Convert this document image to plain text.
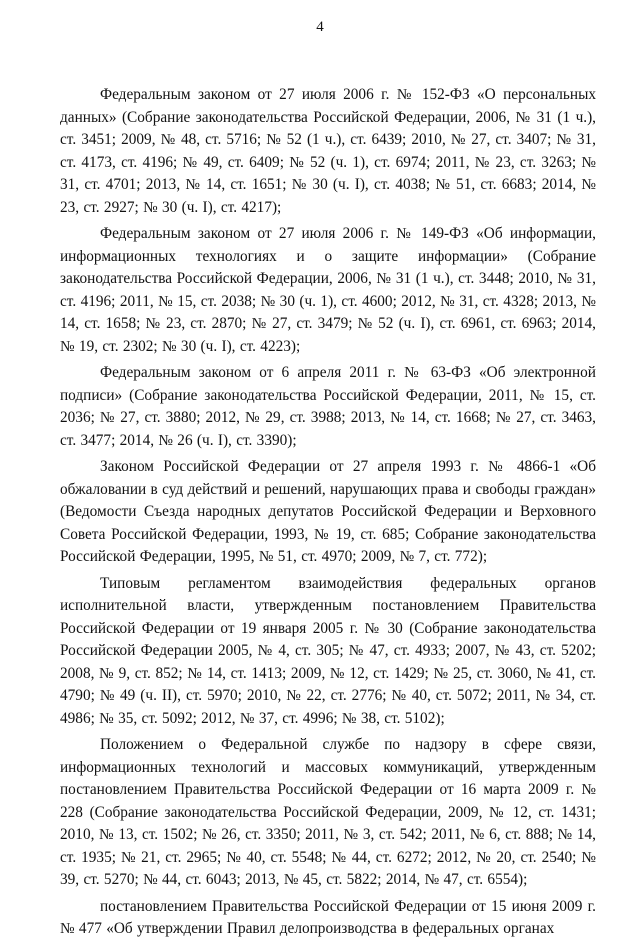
4

Федеральным законом от 27 июля 2006 г. № 152-ФЗ «О персональных данных» (Собрание законодательства Российской Федерации, 2006, № 31 (1 ч.), ст. 3451; 2009, № 48, ст. 5716; № 52 (1 ч.), ст. 6439; 2010, № 27, ст. 3407; № 31, ст. 4173, ст. 4196; № 49, ст. 6409; № 52 (ч. 1), ст. 6974; 2011, № 23, ст. 3263; № 31, ст. 4701; 2013, № 14, ст. 1651; № 30 (ч. I), ст. 4038; № 51, ст. 6683; 2014, № 23, ст. 2927; № 30 (ч. I), ст. 4217);

Федеральным законом от 27 июля 2006 г. № 149-ФЗ «Об информации, информационных технологиях и о защите информации» (Собрание законодательства Российской Федерации, 2006, № 31 (1 ч.), ст. 3448; 2010, № 31, ст. 4196; 2011, № 15, ст. 2038; № 30 (ч. 1), ст. 4600; 2012, № 31, ст. 4328; 2013, № 14, ст. 1658; № 23, ст. 2870; № 27, ст. 3479; № 52 (ч. I), ст. 6961, ст. 6963; 2014, № 19, ст. 2302; № 30 (ч. I), ст. 4223);

Федеральным законом от 6 апреля 2011 г. № 63-ФЗ «Об электронной подписи» (Собрание законодательства Российской Федерации, 2011, № 15, ст. 2036; № 27, ст. 3880; 2012, № 29, ст. 3988; 2013, № 14, ст. 1668; № 27, ст. 3463, ст. 3477; 2014, № 26 (ч. I), ст. 3390);

Законом Российской Федерации от 27 апреля 1993 г. № 4866-1 «Об обжаловании в суд действий и решений, нарушающих права и свободы граждан» (Ведомости Съезда народных депутатов Российской Федерации и Верховного Совета Российской Федерации, 1993, № 19, ст. 685; Собрание законодательства Российской Федерации, 1995, № 51, ст. 4970; 2009, № 7, ст. 772);

Типовым регламентом взаимодействия федеральных органов исполнительной власти, утвержденным постановлением Правительства Российской Федерации от 19 января 2005 г. № 30 (Собрание законодательства Российской Федерации 2005, № 4, ст. 305; № 47, ст. 4933; 2007, № 43, ст. 5202; 2008, № 9, ст. 852; № 14, ст. 1413; 2009, № 12, ст. 1429; № 25, ст. 3060, № 41, ст. 4790; № 49 (ч. II), ст. 5970; 2010, № 22, ст. 2776; № 40, ст. 5072; 2011, № 34, ст. 4986; № 35, ст. 5092; 2012, № 37, ст. 4996; № 38, ст. 5102);

Положением о Федеральной службе по надзору в сфере связи, информационных технологий и массовых коммуникаций, утвержденным постановлением Правительства Российской Федерации от 16 марта 2009 г. № 228 (Собрание законодательства Российской Федерации, 2009, № 12, ст. 1431; 2010, № 13, ст. 1502; № 26, ст. 3350; 2011, № 3, ст. 542; 2011, № 6, ст. 888; № 14, ст. 1935; № 21, ст. 2965; № 40, ст. 5548; № 44, ст. 6272; 2012, № 20, ст. 2540; № 39, ст. 5270; № 44, ст. 6043; 2013, № 45, ст. 5822; 2014, № 47, ст. 6554);

постановлением Правительства Российской Федерации от 15 июня 2009 г. № 477 «Об утверждении Правил делопроизводства в федеральных органах
